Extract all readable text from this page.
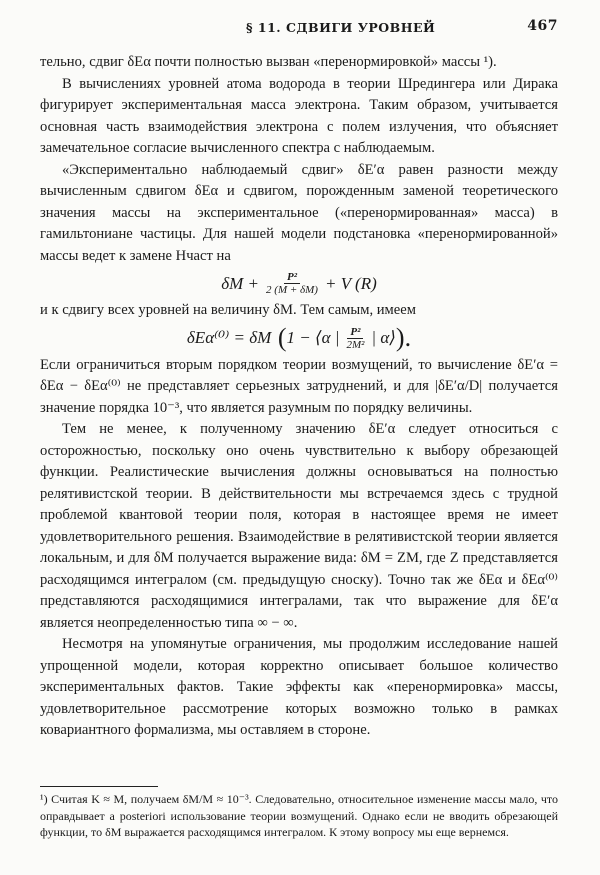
§ 11. СДВИГИ УРОВНЕЙ	467

тельно, сдвиг δEα почти полностью вызван «перенормировкой» массы ¹).

В вычислениях уровней атома водорода в теории Шредингера или Дирака фигурирует экспериментальная масса электрона. Таким образом, учитывается основная часть взаимодействия электрона с полем излучения, что объясняет замечательное согласие вычисленного спектра с наблюдаемым.

«Экспериментально наблюдаемый сдвиг» δE′α равен разности между вычисленным сдвигом δEα и сдвигом, порожденным заменой теоретического значения массы на экспериментальное («перенормированная» масса) в гамильтониане частицы. Для нашей модели подстановка «перенормированной» массы ведет к замене Hчаст на

$\delta M + \frac{\text{P²}}{2 (M + \delta M)} + V$ (R)

и к сдвигу всех уровней на величину δM. Тем самым, имеем

δEα⁽⁰⁾ = δM ( 1 − ⟨α | $\frac{\text{P²}}{\text{2M²}}$ | α⟩ ).

Если ограничиться вторым порядком теории возмущений, то вычисление δE′α = δEα − δEα⁽⁰⁾ не представляет серьезных затруднений, и для |δE′α/D| получается значение порядка 10⁻³, что является разумным по порядку величины.

Тем не менее, к полученному значению δE′α следует относиться с осторожностью, поскольку оно очень чувствительно к выбору обрезающей функции. Реалистические вычисления должны основываться на полностью релятивистской теории. В действительности мы встречаемся здесь с трудной проблемой квантовой теории поля, которая в настоящее время не имеет удовлетворительного решения. Взаимодействие в релятивистской теории является локальным, и для δM получается выражение вида: δM = ZM, где Z представляется расходящимся интегралом (см. предыдущую сноску). Точно так же δEα и δEα⁽⁰⁾ представляются расходящимися интегралами, так что выражение для δE′α является неопределенностью типа ∞ − ∞.

Несмотря на упомянутые ограничения, мы продолжим исследование нашей упрощенной модели, которая корректно описывает большое количество экспериментальных фактов. Такие эффекты как «перенормировка» массы, удовлетворительное рассмотрение которых возможно только в рамках ковариантного формализма, мы оставляем в стороне.

¹) Считая K ≈ M, получаем δM/M ≈ 10⁻³. Следовательно, относительное изменение массы мало, что оправдывает a posteriori использование теории возмущений. Однако если не вводить обрезающей функции, то δM выражается расходящимся интегралом. К этому вопросу мы еще вернемся.
